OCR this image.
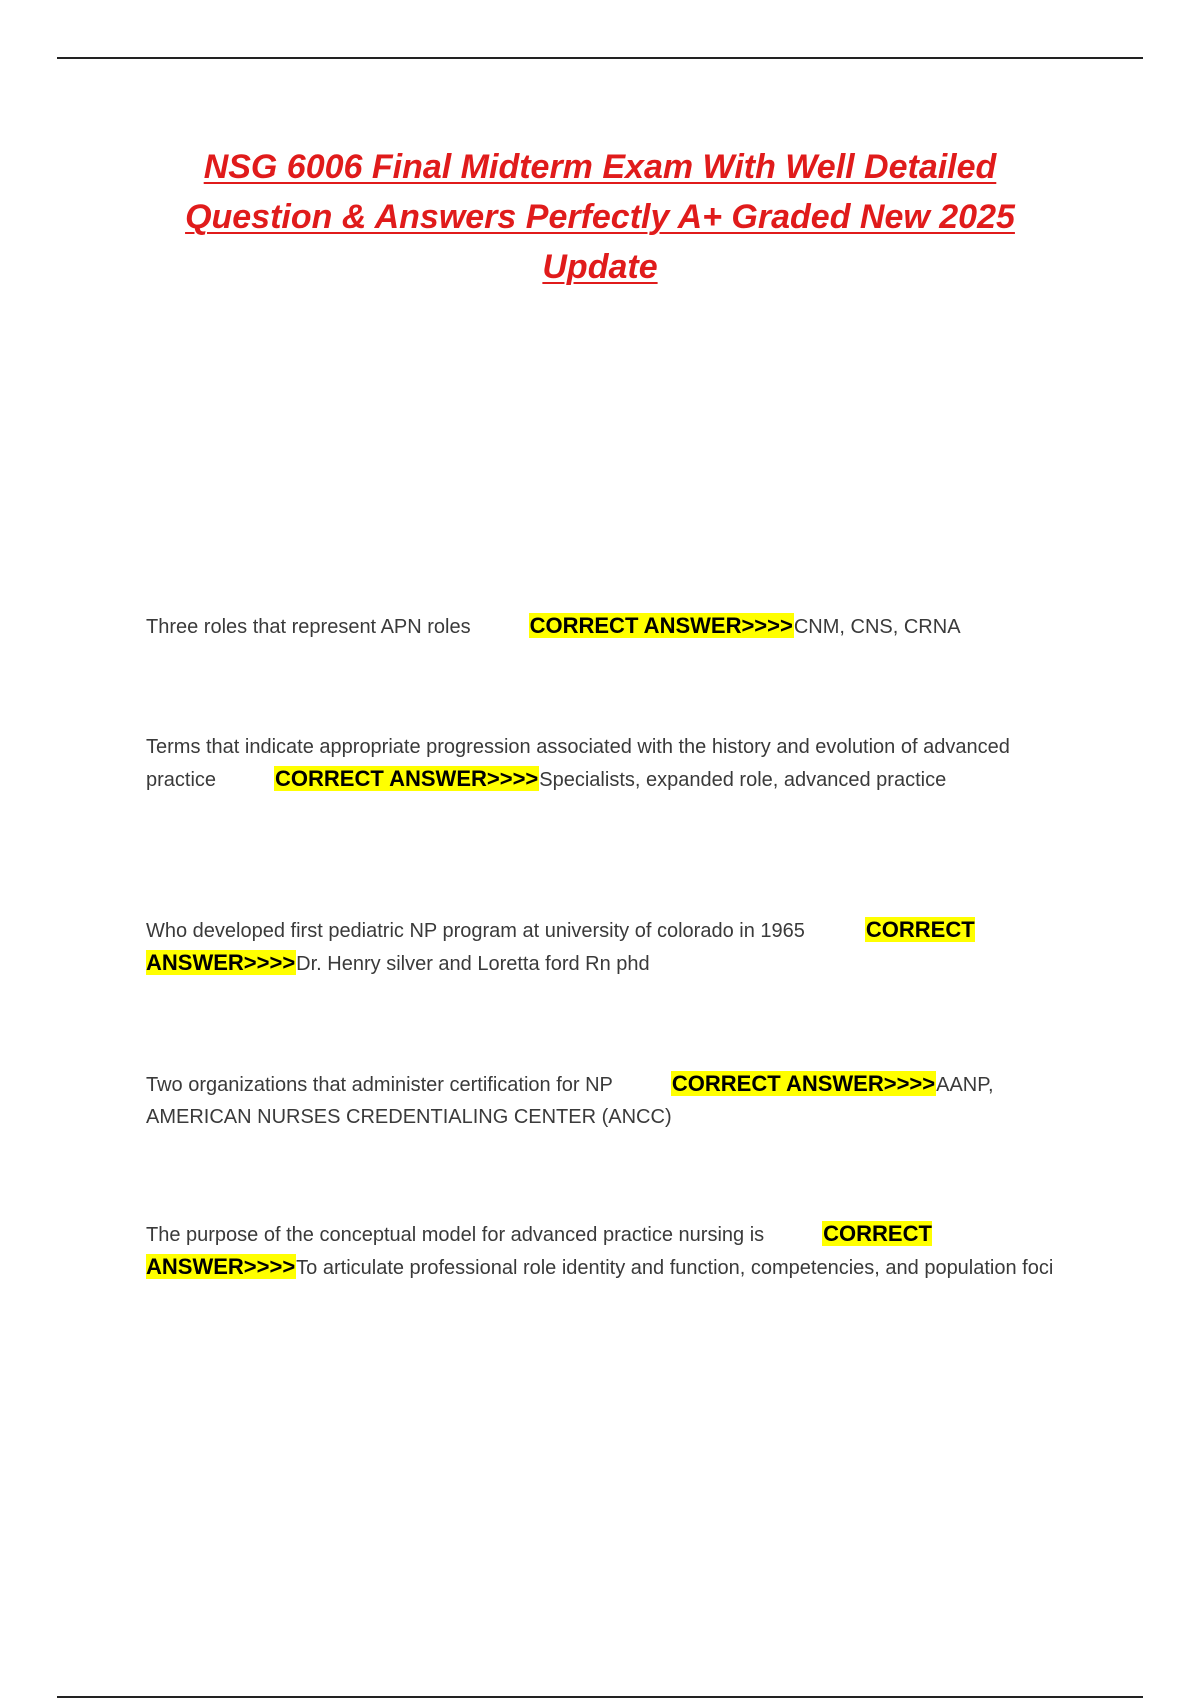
NSG 6006 Final Midterm Exam With Well Detailed Question & Answers Perfectly A+ Graded New 2025 Update

Three roles that represent APN roles	CORRECT ANSWER>>>>CNM, CNS, CRNA

Terms that indicate appropriate progression associated with the history and evolution of advanced practice	CORRECT ANSWER>>>>Specialists, expanded role, advanced practice

Who developed first pediatric NP program at university of colorado in 1965	CORRECT ANSWER>>>>Dr. Henry silver and Loretta ford Rn phd

Two organizations that administer certification for NP	CORRECT ANSWER>>>>AANP, AMERICAN NURSES CREDENTIALING CENTER (ANCC)

The purpose of the conceptual model for advanced practice nursing is	CORRECT ANSWER>>>>To articulate professional role identity and function, competencies, and population foci
